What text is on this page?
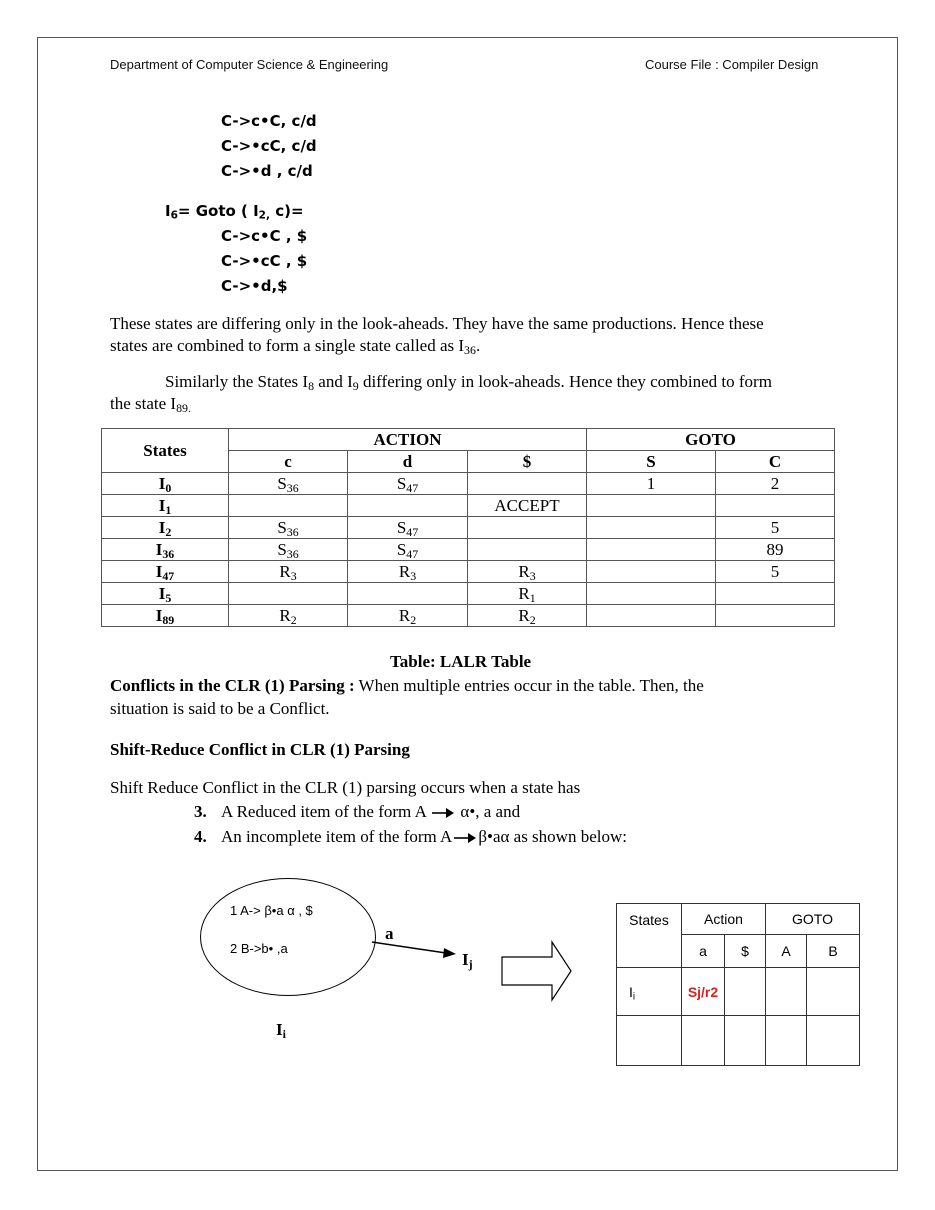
Department of Computer Science & Engineering	Course File : Compiler Design
C->c•C, c/d
C->•cC, c/d
C->•d , c/d
$I_6=$ Goto ( $I_{2,}$ c)=
C->c•C , $
C->•cC , $
C->•d,$
These states are differing only in the look-aheads. They have the same productions. Hence these
states are combined to form a single state called as $I_{36}$.
Similarly the States $I_8$ and $I_9$ differing only in look-aheads. Hence they combined to form
the state $I_{89.}$
States	ACTION			GOTO	
	c	d	$	S	C
$I_0$	$S_{36}$	$S_{47}$		1	2
$I_1$			ACCEPT		
$I_2$	$S_{36}$	$S_{47}$			5
$I_{36}$	$S_{36}$	$S_{47}$			89
$I_{47}$	$R_3$	$R_3$	$R_3$		5
$I_5$			$R_1$		
$I_{89}$	$R_2$	$R_2$	$R_2$		
Table: LALR Table
Conflicts in the CLR (1) Parsing : When multiple entries occur in the table. Then, the
situation is said to be a Conflict.
Shift-Reduce Conflict in CLR (1) Parsing
Shift Reduce Conflict in the CLR (1) parsing occurs when a state has
3. A Reduced item of the form A  α•, a and
4. An incomplete item of the form A β•aα as shown below:
1 A-> β•a α , $
2 B->b• ,a
a
$I_j$
$I_i$
States	Action		GOTO	
	a	$	A	B
$I_i$	Sj/r2			
